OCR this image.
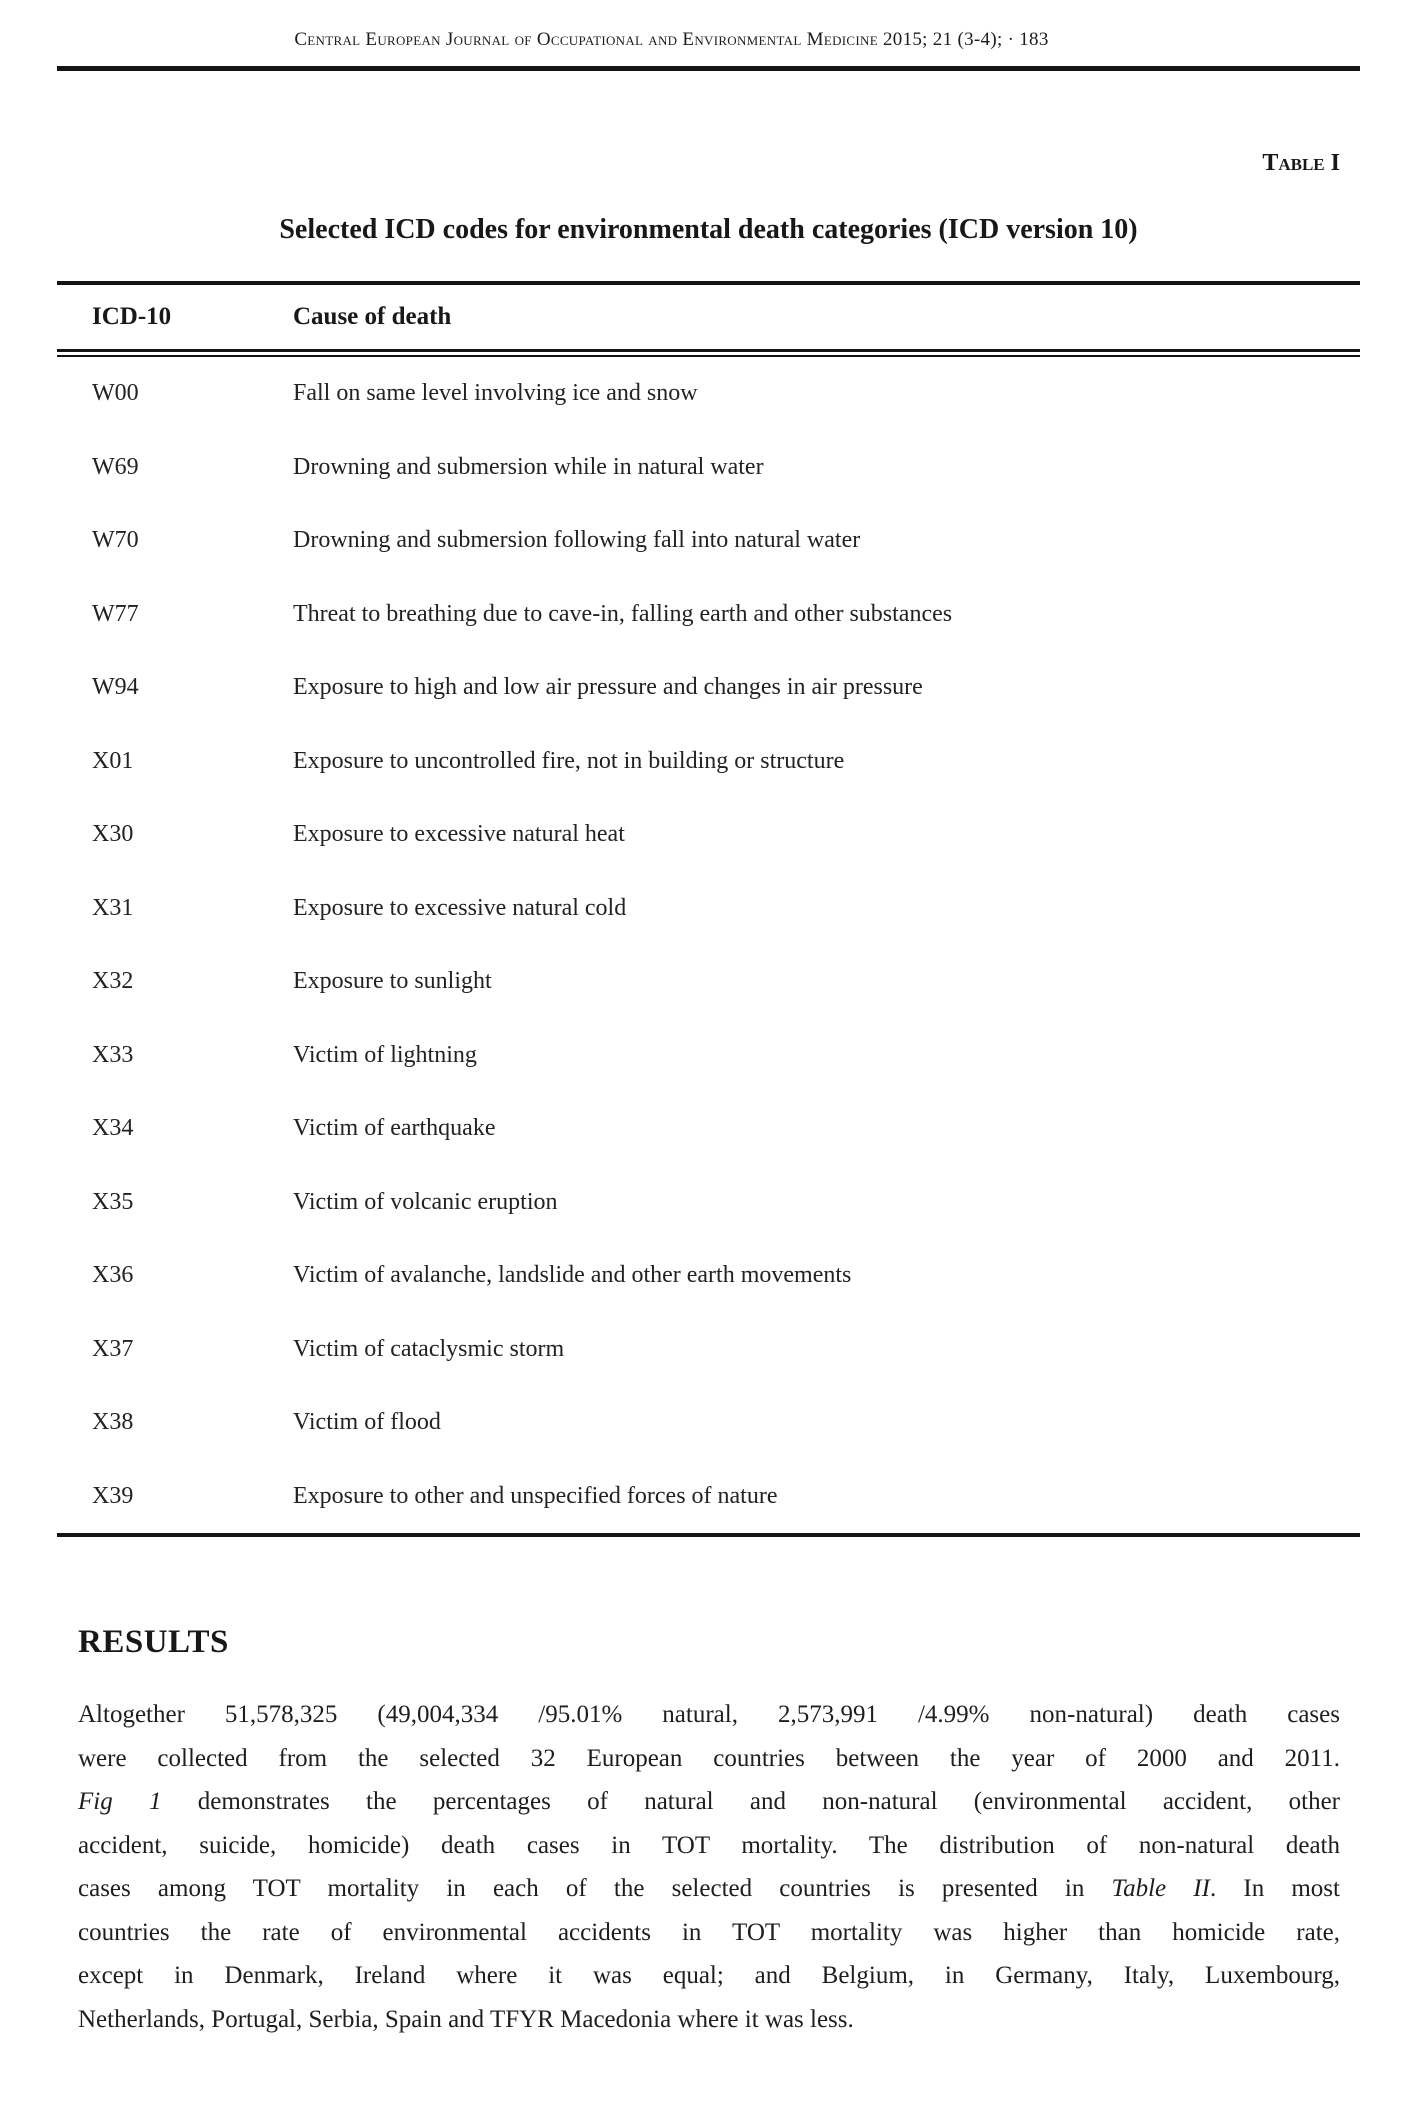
Central European Journal of Occupational and Environmental Medicine 2015; 21 (3-4); · 183
Table I
Selected ICD codes for environmental death categories (ICD version 10)
ICD-10	Cause of death
W00	Fall on same level involving ice and snow
W69	Drowning and submersion while in natural water
W70	Drowning and submersion following fall into natural water
W77	Threat to breathing due to cave-in, falling earth and other substances
W94	Exposure to high and low air pressure and changes in air pressure
X01	Exposure to uncontrolled fire, not in building or structure
X30	Exposure to excessive natural heat
X31	Exposure to excessive natural cold
X32	Exposure to sunlight
X33	Victim of lightning
X34	Victim of earthquake
X35	Victim of volcanic eruption
X36	Victim of avalanche, landslide and other earth movements
X37	Victim of cataclysmic storm
X38	Victim of flood
X39	Exposure to other and unspecified forces of nature
RESULTS
Altogether 51,578,325 (49,004,334 /95.01% natural, 2,573,991 /4.99% non-natural) death cases
were collected from the selected 32 European countries between the year of 2000 and 2011.
Fig 1 demonstrates the percentages of natural and non-natural (environmental accident, other
accident, suicide, homicide) death cases in TOT mortality. The distribution of non-natural death
cases among TOT mortality in each of the selected countries is presented in Table II. In most
countries the rate of environmental accidents in TOT mortality was higher than homicide rate,
except in Denmark, Ireland where it was equal; and Belgium, in Germany, Italy, Luxembourg,
Netherlands, Portugal, Serbia, Spain and TFYR Macedonia where it was less.
